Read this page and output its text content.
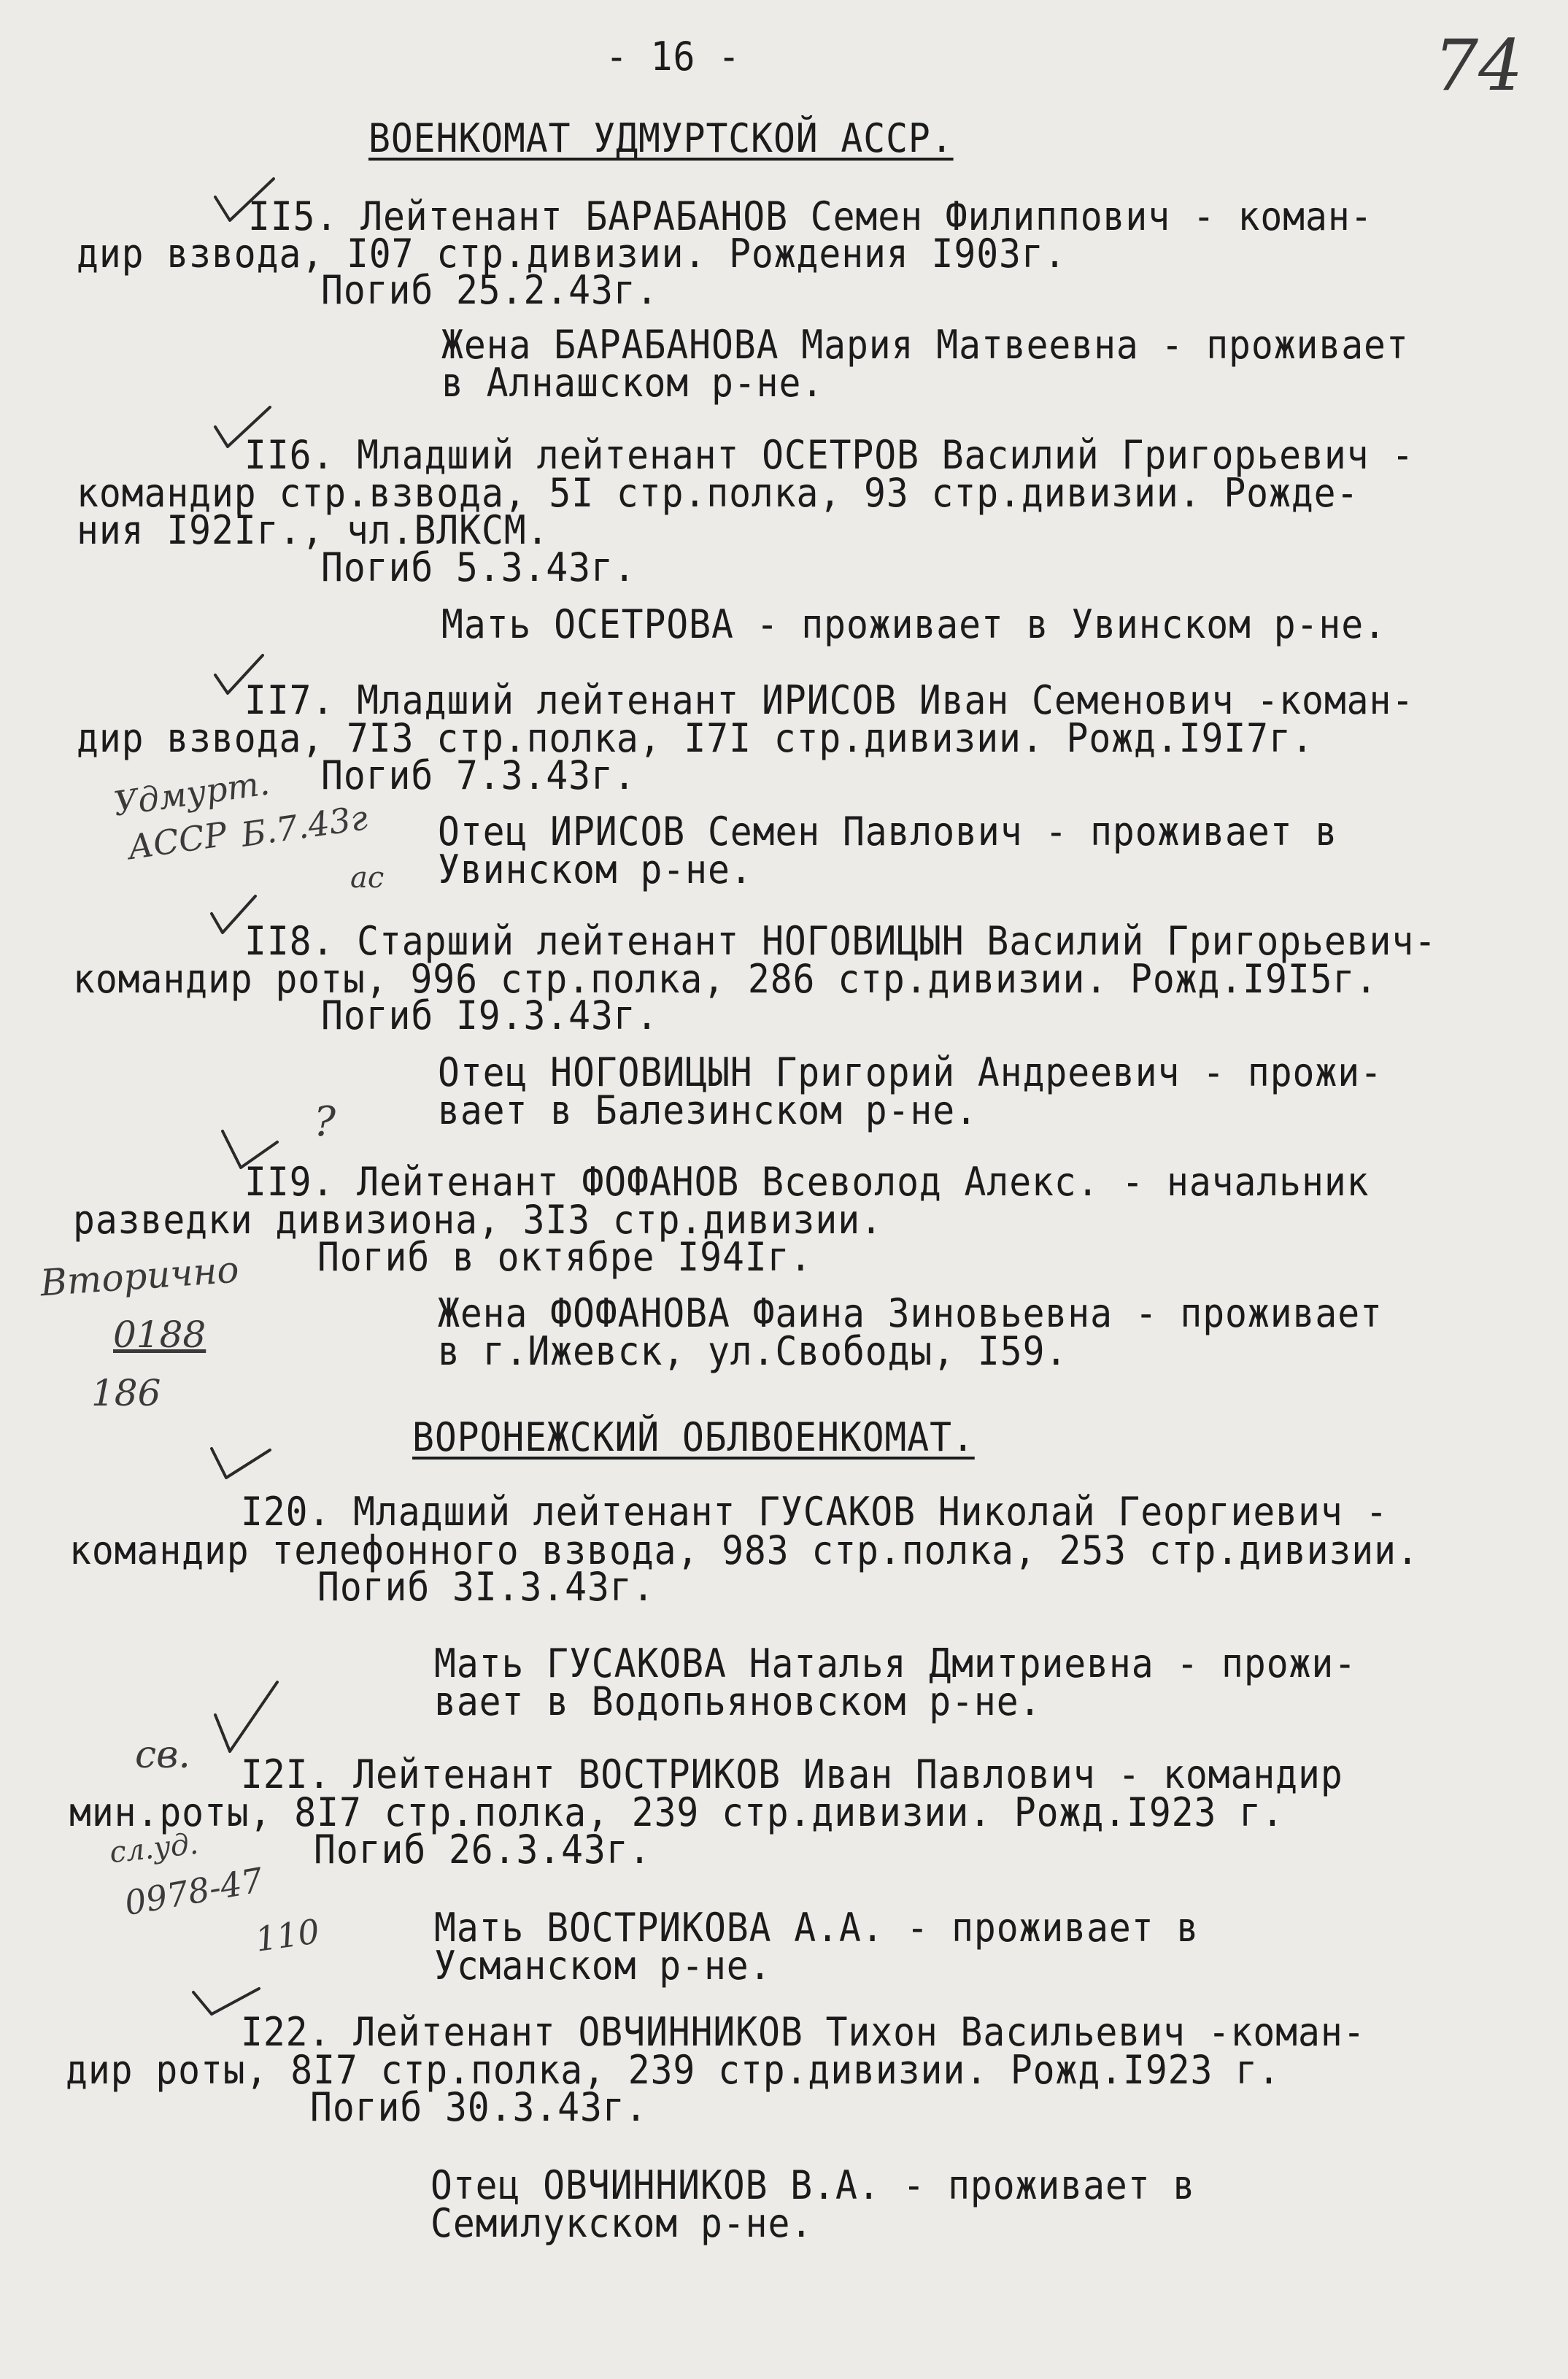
- 16 -	74
ВОЕНКОМАТ УДМУРТСКОЙ АССР.
II5. Лейтенант БАРАБАНОВ Семен Филиппович - коман-
дир взвода, I07 стр.дивизии. Рождения I903г.
Погиб 25.2.43г.
Жена БАРАБАНОВА Мария Матвеевна - проживает
в Алнашском р-не.
II6. Младший лейтенант ОСЕТРОВ Василий Григорьевич -
командир стр.взвода, 5I стр.полка, 93 стр.дивизии. Рожде-
ния I92Iг., чл.ВЛКСМ.
Погиб 5.3.43г.
Мать ОСЕТРОВА - проживает в Увинском р-не.
II7. Младший лейтенант ИРИСОВ Иван Семенович -коман-
дир взвода, 7I3 стр.полка, I7I стр.дивизии. Рожд.I9I7г.
Погиб 7.3.43г.
Отец ИРИСОВ Семен Павлович - проживает в
Увинском р-не.
II8. Старший лейтенант НОГОВИЦЫН Василий Григорьевич-
командир роты, 996 стр.полка, 286 стр.дивизии. Рожд.I9I5г.
Погиб I9.3.43г.
Отец НОГОВИЦЫН Григорий Андреевич - прожи-
вает в Балезинском р-не.
II9. Лейтенант ФОФАНОВ Всеволод Алекс. - начальник
разведки дивизиона, 3I3 стр.дивизии.
Погиб в октябре I94Iг.
Жена ФОФАНОВА Фаина Зиновьевна - проживает
в г.Ижевск, ул.Свободы, I59.
ВОРОНЕЖСКИЙ ОБЛВОЕНКОМАТ.
I20. Младший лейтенант ГУСАКОВ Николай Георгиевич -
командир телефонного взвода, 983 стр.полка, 253 стр.дивизии.
Погиб 3I.3.43г.
Мать ГУСАКОВА Наталья Дмитриевна - прожи-
вает в Водопьяновском р-не.
I2I. Лейтенант ВОСТРИКОВ Иван Павлович - командир
мин.роты, 8I7 стр.полка, 239 стр.дивизии. Рожд.I923 г.
Погиб 26.3.43г.
Мать ВОСТРИКОВА А.А. - проживает в
Усманском р-не.
I22. Лейтенант ОВЧИННИКОВ Тихон Васильевич -коман-
дир роты, 8I7 стр.полка, 239 стр.дивизии. Рожд.I923 г.
Погиб 30.3.43г.
Отец ОВЧИННИКОВ В.А. - проживает в
Семилукском р-не.
Удмурт.
АССР Б.7.43г
ас
?
Вторично
0188
186
св.
сл.уд.
0978-47
110
